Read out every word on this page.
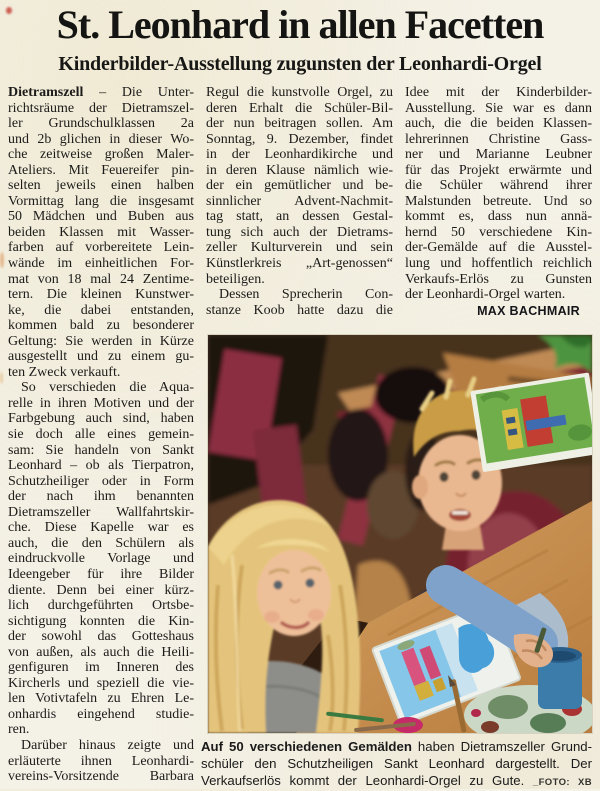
St. Leonhard in allen Facetten
Kinderbilder-Ausstellung zugunsten der Leonhardi-Orgel
Dietramszell – Die Unter-
richtsräume der Dietramszel-
ler Grundschulklassen 2a
und 2b glichen in dieser Wo-
che zeitweise großen Maler-
Ateliers. Mit Feuereifer pin-
selten jeweils einen halben
Vormittag lang die insgesamt
50 Mädchen und Buben aus
beiden Klassen mit Wasser-
farben auf vorbereitete Lein-
wände im einheitlichen For-
mat von 18 mal 24 Zentime-
tern. Die kleinen Kunstwer-
ke, die dabei entstanden,
kommen bald zu besonderer
Geltung: Sie werden in Kürze
ausgestellt und zu einem gu-
ten Zweck verkauft.
So verschieden die Aqua-
relle in ihren Motiven und der
Farbgebung auch sind, haben
sie doch alle eines gemein-
sam: Sie handeln von Sankt
Leonhard – ob als Tierpatron,
Schutzheiliger oder in Form
der nach ihm benannten
Dietramszeller Wallfahrtskir-
che. Diese Kapelle war es
auch, die den Schülern als
eindruckvolle Vorlage und
Ideengeber für ihre Bilder
diente. Denn bei einer kürz-
lich durchgeführten Ortsbe-
sichtigung konnten die Kin-
der sowohl das Gotteshaus
von außen, als auch die Heili-
genfiguren im Inneren des
Kircherls und speziell die vie-
len Votivtafeln zu Ehren Le-
onhardis eingehend studie-
ren.
Darüber hinaus zeigte und
erläuterte ihnen Leonhardi-
vereins-Vorsitzende Barbara
Regul die kunstvolle Orgel, zu
deren Erhalt die Schüler-Bil-
der nun beitragen sollen. Am
Sonntag, 9. Dezember, findet
in der Leonhardikirche und
in deren Klause nämlich wie-
der ein gemütlicher und be-
sinnlicher Advent-Nachmit-
tag statt, an dessen Gestal-
tung sich auch der Dietrams-
zeller Kulturverein und sein
Künstlerkreis „Art-genossen“
beteiligen.
Dessen Sprecherin Con-
stanze Koob hatte dazu die
Idee mit der Kinderbilder-
Ausstellung. Sie war es dann
auch, die die beiden Klassen-
lehrerinnen Christine Gass-
ner und Marianne Leubner
für das Projekt erwärmte und
die Schüler während ihrer
Malstunden betreute. Und so
kommt es, dass nun annä-
hernd 50 verschiedene Kin-
der-Gemälde auf die Ausstel-
lung und hoffentlich reichlich
Verkaufs-Erlös zu Gunsten
der Leonhardi-Orgel warten.
MAX BACHMAIR
Auf 50 verschiedenen Gemälden haben Dietramszeller Grund-
schüler den Schutzheiligen Sankt Leonhard dargestellt. Der
Verkaufserlös kommt der Leonhardi-Orgel zu Gute. _FOTO: XB
